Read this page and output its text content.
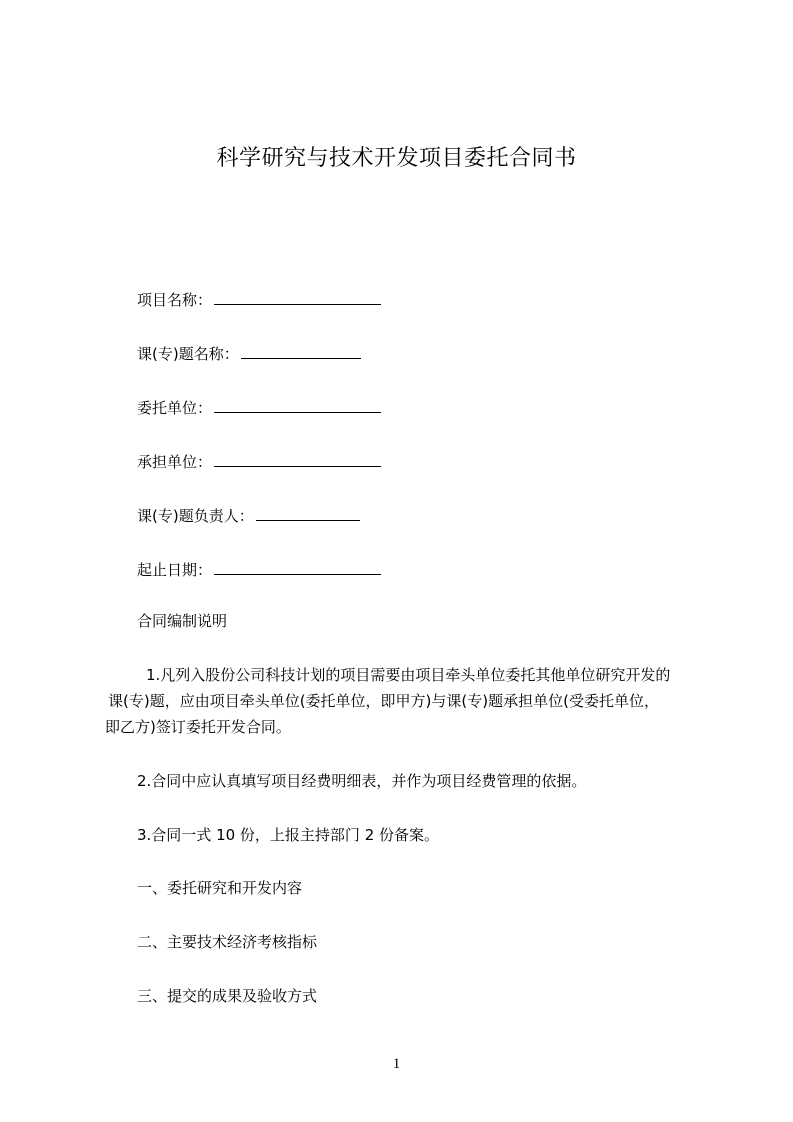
科学研究与技术开发项目委托合同书
项目名称：
课(专)题名称：
委托单位：
承担单位：
课(专)题负责人：
起止日期：
合同编制说明
1.凡列入股份公司科技计划的项目需要由项目牵头单位委托其他单位研究开发的
课(专)题，应由项目牵头单位(委托单位，即甲方)与课(专)题承担单位(受委托单位，
即乙方)签订委托开发合同。
2.合同中应认真填写项目经费明细表，并作为项目经费管理的依据。
3.合同一式 10 份，上报主持部门 2 份备案。
一、委托研究和开发内容
二、主要技术经济考核指标
三、提交的成果及验收方式
1
